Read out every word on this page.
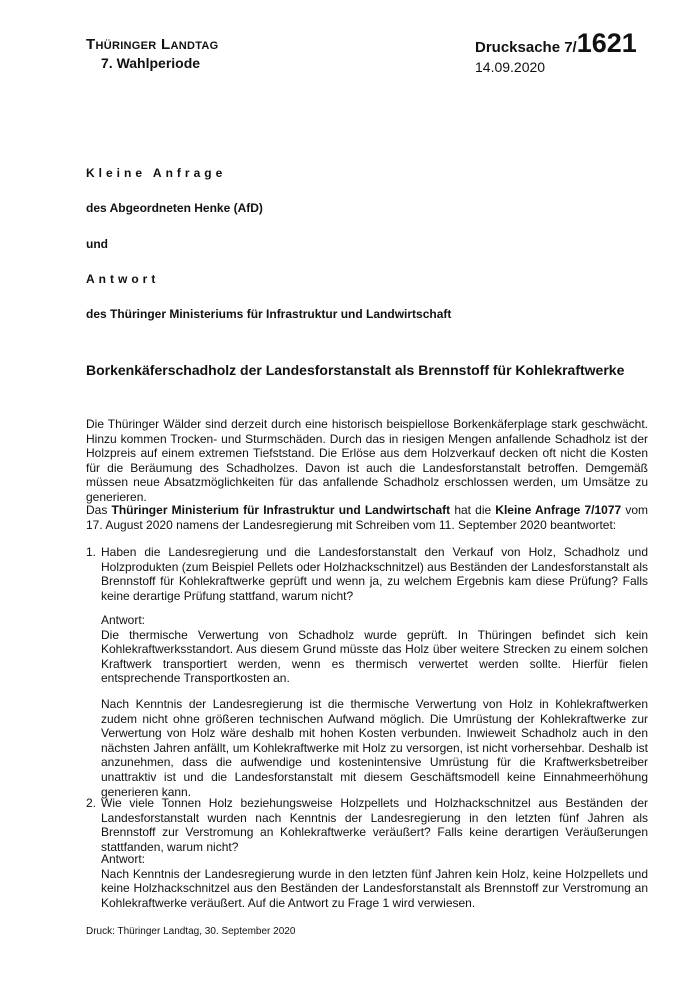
Thüringer Landtag
7. Wahlperiode
Drucksache 7/1621
14.09.2020
Kleine Anfrage
des Abgeordneten Henke (AfD)
und
Antwort
des Thüringer Ministeriums für Infrastruktur und Landwirtschaft
Borkenkäferschadholz der Landesforstanstalt als Brennstoff für Kohlekraftwerke

Die Thüringer Wälder sind derzeit durch eine historisch beispiellose Borkenkäferplage stark geschwächt. Hinzu kommen Trocken- und Sturmschäden. Durch das in riesigen Mengen anfallende Schadholz ist der Holzpreis auf einem extremen Tiefststand. Die Erlöse aus dem Holzverkauf decken oft nicht die Kosten für die Beräumung des Schadholzes. Davon ist auch die Landesforstanstalt betroffen. Demgemäß müssen neue Absatzmöglichkeiten für das anfallende Schadholz erschlossen werden, um Umsätze zu generieren.

Das Thüringer Ministerium für Infrastruktur und Landwirtschaft hat die Kleine Anfrage 7/1077 vom 17. August 2020 namens der Landesregierung mit Schreiben vom 11. September 2020 beantwortet:

1. Haben die Landesregierung und die Landesforstanstalt den Verkauf von Holz, Schadholz und Holzprodukten (zum Beispiel Pellets oder Holzhackschnitzel) aus Beständen der Landesforstanstalt als Brennstoff für Kohlekraftwerke geprüft und wenn ja, zu welchem Ergebnis kam diese Prüfung? Falls keine derartige Prüfung stattfand, warum nicht?

Antwort:

Die thermische Verwertung von Schadholz wurde geprüft. In Thüringen befindet sich kein Kohlekraftwerksstandort. Aus diesem Grund müsste das Holz über weitere Strecken zu einem solchen Kraftwerk transportiert werden, wenn es thermisch verwertet werden sollte. Hierfür fielen entsprechende Transportkosten an.

Nach Kenntnis der Landesregierung ist die thermische Verwertung von Holz in Kohlekraftwerken zudem nicht ohne größeren technischen Aufwand möglich. Die Umrüstung der Kohlekraftwerke zur Verwertung von Holz wäre deshalb mit hohen Kosten verbunden. Inwieweit Schadholz auch in den nächsten Jahren anfällt, um Kohlekraftwerke mit Holz zu versorgen, ist nicht vorhersehbar. Deshalb ist anzunehmen, dass die aufwendige und kostenintensive Umrüstung für die Kraftwerksbetreiber unattraktiv ist und die Landesforstanstalt mit diesem Geschäftsmodell keine Einnahmeerhöhung generieren kann.

2. Wie viele Tonnen Holz beziehungsweise Holzpellets und Holzhackschnitzel aus Beständen der Landesforstanstalt wurden nach Kenntnis der Landesregierung in den letzten fünf Jahren als Brennstoff zur Verstromung an Kohlekraftwerke veräußert? Falls keine derartigen Veräußerungen stattfanden, warum nicht?

Antwort:

Nach Kenntnis der Landesregierung wurde in den letzten fünf Jahren kein Holz, keine Holzpellets und keine Holzhackschnitzel aus den Beständen der Landesforstanstalt als Brennstoff zur Verstromung an Kohlekraftwerke veräußert. Auf die Antwort zu Frage 1 wird verwiesen.

Druck: Thüringer Landtag, 30. September 2020
